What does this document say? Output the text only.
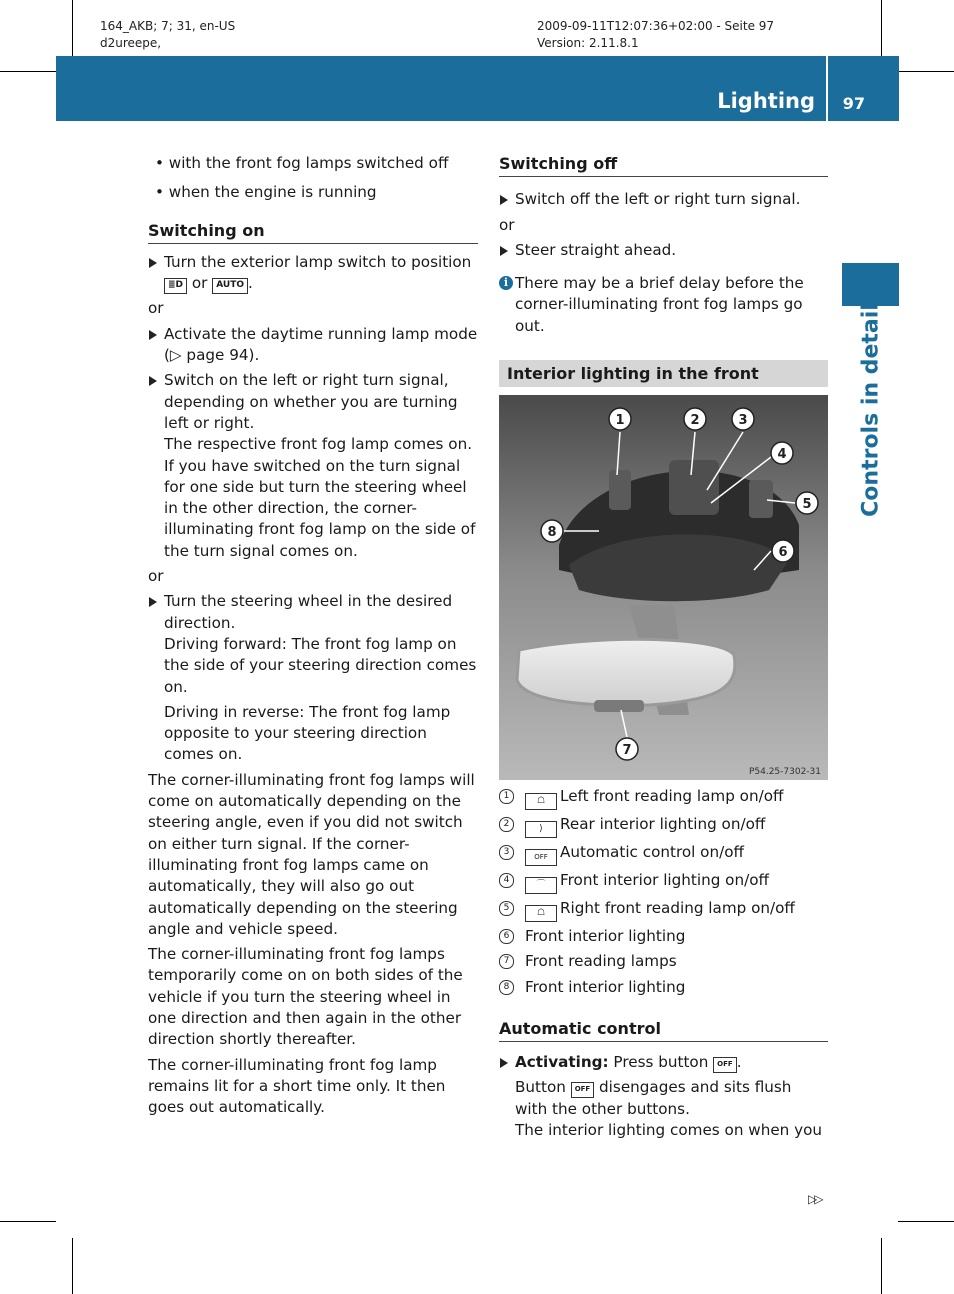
164_AKB; 7; 31, en-US
d2ureepe,
2009-09-11T12:07:36+02:00 - Seite 97
Version: 2.11.8.1
Lighting 97
Controls in detail

• with the front fog lamps switched off

• when the engine is running

Switching on

Turn the exterior lamp switch to position
≣D or AUTO .

or

Activate the daytime running lamp mode (▷ page 94).

Switch on the left or right turn signal, depending on whether you are turning left or right.

The respective front fog lamp comes on. If you have switched on the turn signal for one side but turn the steering wheel in the other direction, the corner-illuminating front fog lamp on the side of the turn signal comes on.

or

Turn the steering wheel in the desired direction.

Driving forward: The front fog lamp on the side of your steering direction comes on.

Driving in reverse: The front fog lamp opposite to your steering direction comes on.

The corner-illuminating front fog lamps will come on automatically depending on the steering angle, even if you did not switch on either turn signal. If the corner-illuminating front fog lamps came on automatically, they will also go out automatically depending on the steering angle and vehicle speed.

The corner-illuminating front fog lamps temporarily come on on both sides of the vehicle if you turn the steering wheel in one direction and then again in the other direction shortly thereafter.

The corner-illuminating front fog lamp remains lit for a short time only. It then goes out automatically.

Switching off

Switch off the left or right turn signal.

or

Steer straight ahead.

i There may be a brief delay before the corner-illuminating front fog lamps go out.

Interior lighting in the front

1	2	3
4
5
6
7
8
P54.25-7302-31

1	☖ Left front reading lamp on/off

2	⟩ Rear interior lighting on/off

3	OFF Automatic control on/off

4	⌒ Front interior lighting on/off

5	☖ Right front reading lamp on/off

6	Front interior lighting

7	Front reading lamps

8	Front interior lighting

Automatic control

Activating: Press button OFF .

Button OFF disengages and sits flush with the other buttons.

The interior lighting comes on when you

▷▷
